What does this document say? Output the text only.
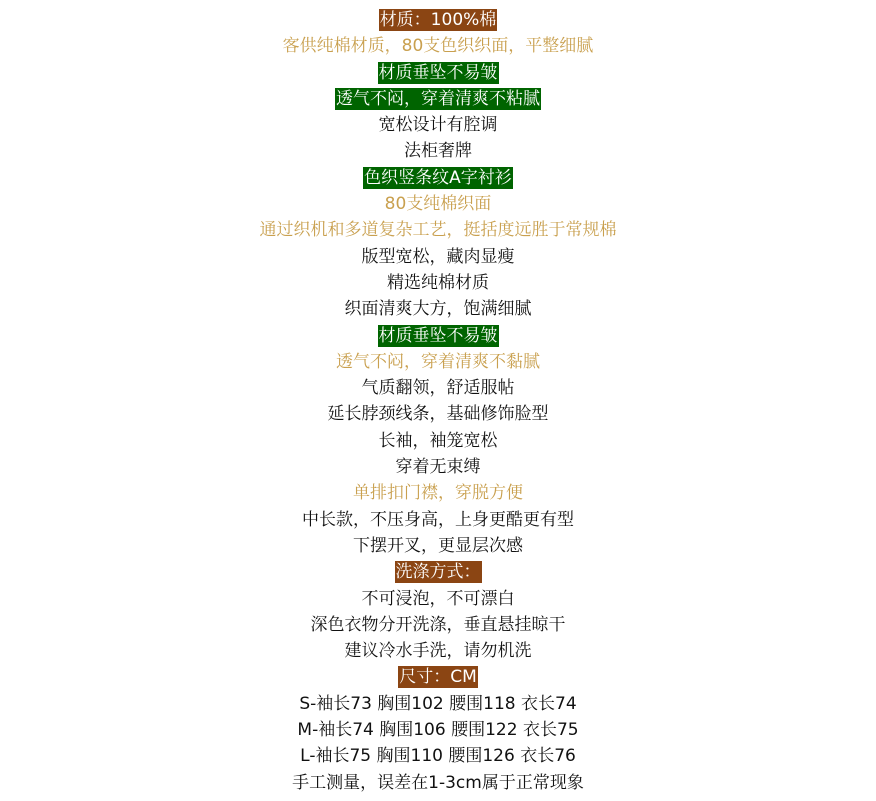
材质：100%棉
客供纯棉材质，80支色织织面，平整细腻
材质垂坠不易皱
透气不闷，穿着清爽不粘腻
宽松设计有腔调
法柜奢牌
色织竖条纹A字衬衫
80支纯棉织面
通过织机和多道复杂工艺，挺括度远胜于常规棉
版型宽松，藏肉显瘦
精选纯棉材质
织面清爽大方，饱满细腻
材质垂坠不易皱
透气不闷，穿着清爽不黏腻
气质翻领，舒适服帖
延长脖颈线条，基础修饰脸型
长袖，袖笼宽松
穿着无束缚
单排扣门襟，穿脱方便
中长款，不压身高，上身更酷更有型
下摆开叉，更显层次感
洗涤方式：
不可浸泡，不可漂白
深色衣物分开洗涤，垂直悬挂晾干
建议冷水手洗，请勿机洗
尺寸：CM
S-袖长73 胸围102 腰围118 衣长74
M-袖长74 胸围106 腰围122 衣长75
L-袖长75 胸围110 腰围126 衣长76
手工测量，误差在1-3cm属于正常现象
